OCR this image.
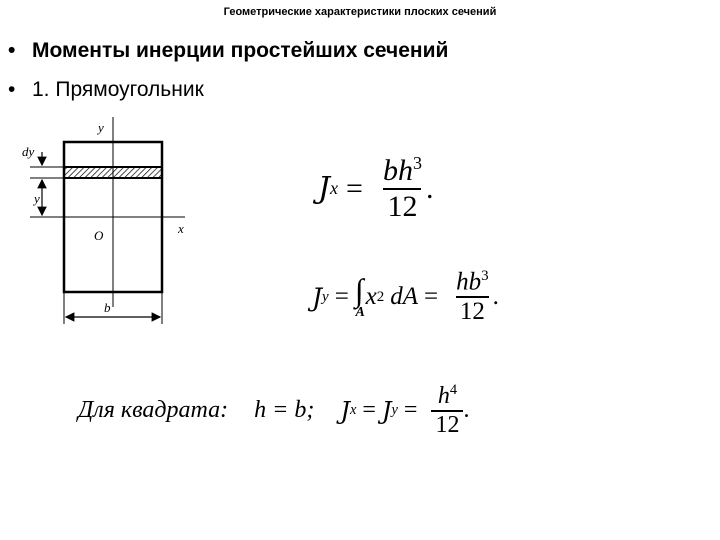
Геометрические характеристики плоских сечений
• Моменты инерции простейших сечений
• 1. Прямоугольник
y
dy
y
O	x
b
J $x = \frac{bh^3}{12}$ .
J y = ∫
A
x 2 dA = $\frac{hb^3}{12}$ .
Для квадрата: h = b; J x = J $y = \frac{h^4}{12}$ .
